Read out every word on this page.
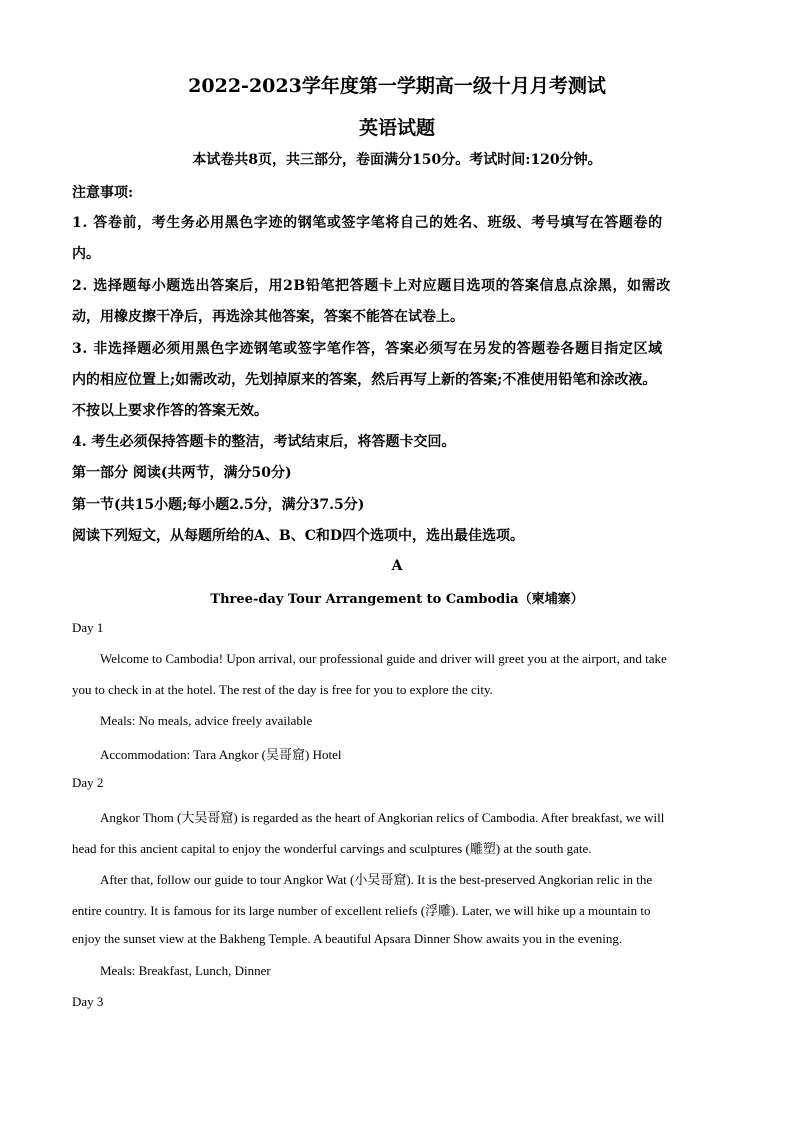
2022-2023学年度第一学期高一级十月月考测试
英语试题
本试卷共8页，共三部分，卷面满分150分。考试时间:120分钟。
注意事项:
1. 答卷前，考生务必用黑色字迹的钢笔或签字笔将自己的姓名、班级、考号填写在答题卷的
内。
2. 选择题每小题选出答案后，用2B铅笔把答题卡上对应题目选项的答案信息点涂黑，如需改
动，用橡皮擦干净后，再选涂其他答案，答案不能答在试卷上。
3. 非选择题必须用黑色字迹钢笔或签字笔作答，答案必须写在另发的答题卷各题目指定区域
内的相应位置上;如需改动，先划掉原来的答案，然后再写上新的答案;不准使用铅笔和涂改液。
不按以上要求作答的答案无效。
4. 考生必须保持答题卡的整洁，考试结束后，将答题卡交回。
第一部分 阅读(共两节，满分50分)
第一节(共15小题;每小题2.5分，满分37.5分)
阅读下列短文，从每题所给的A、B、C和D四个选项中，选出最佳选项。
A
Three-day Tour Arrangement to Cambodia（柬埔寨）
Day 1
Welcome to Cambodia! Upon arrival, our professional guide and driver will greet you at the airport, and take
you to check in at the hotel. The rest of the day is free for you to explore the city.
Meals: No meals, advice freely available
Accommodation: Tara Angkor (吴哥窟) Hotel
Day 2
Angkor Thom (大吴哥窟) is regarded as the heart of Angkorian relics of Cambodia. After breakfast, we will
head for this ancient capital to enjoy the wonderful carvings and sculptures (雕塑) at the south gate.
After that, follow our guide to tour Angkor Wat (小吴哥窟). It is the best-preserved Angkorian relic in the
entire country. It is famous for its large number of excellent reliefs (浮雕). Later, we will hike up a mountain to
enjoy the sunset view at the Bakheng Temple. A beautiful Apsara Dinner Show awaits you in the evening.
Meals: Breakfast, Lunch, Dinner
Day 3
